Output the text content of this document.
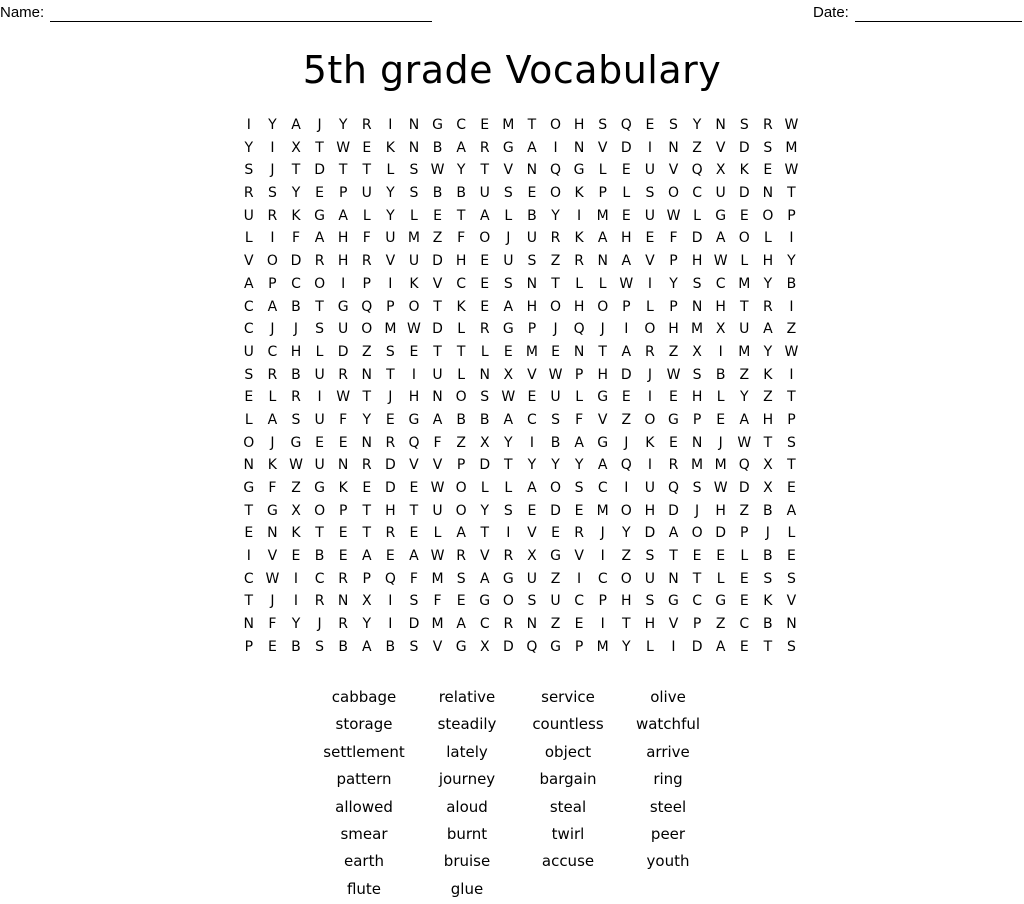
Name:	Date:
5th grade Vocabulary
I	Y	A	J	Y	R	I	N G C	E M T O H S Q E	S	Y	N S	R W
Y	I	X	T W E	K N B	A R G A	I	N V D	I	N Z	V D S M
S	J	T D T	T	L	S W Y	T	V N Q G	L	E	U V Q X	K	E W
R	S	Y	E	P	U	Y	S	B B U	S	E O K	P	L	S O C U D N	T
U R	K G A	L	Y	L	E	T	A	L	B	Y	I	M E	U W L	G E O P
L	I	F	A H	F	U M Z	F	O	J	U R	K	A H E	F	D A O	L	I
V O D R H R V U D H E	U	S	Z R N A	V	P	H W L	H	Y
A	P	C O	I	P	I	K	V C	E	S N	T	L	L W	I	Y	S	C M Y	B
C A	B	T G Q P O T	K	E	A H O H O P	L	P	N H	T	R	I
C	J	J	S	U O M W D	L	R G P	J	Q	J	I	O H M X U A	Z
U C H	L	D Z	S	E	T	T	L	E M E N	T	A R Z	X	I	M Y W
S	R B U R N	T	I	U	L	N X	V W P	H D	J	W S	B	Z	K	I
E	L	R	I	W T	J	H N O S W E	U	L	G E	I	E H	L	Y	Z	T
L	A	S	U	F	Y	E G A	B B	A C	S	F	V	Z O G P	E	A H	P
O	J	G E	E N R Q	F	Z	X	Y	I	B	A G	J	K	E N	J	W T	S
N K W U N R D V	V	P D T	Y	Y	Y	A Q	I	R M M Q X	T
G	F	Z G K	E D E W O	L	L	A O S	C	I	U Q S W D X	E
T G X O P	T	H	T	U O Y	S	E D E M O H D	J	H Z B	A
E N K	T	E	T	R	E	L	A	T	I	V	E	R	J	Y D A O D P	J	L
I	V	E	B	E	A	E	A W R V R X G V	I	Z	S	T	E	E	L	B	E
C W	I	C R	P Q	F M S	A G U Z	I	C O U N	T	L	E	S	S
T	J	I	R N X	I	S	F	E G O S	U C	P	H S G C G E	K	V
N	F	Y	J	R	Y	I	D M A C R N Z	E	I	T	H V	P	Z C B N
P	E	B	S	B	A	B	S	V G X D Q G P M Y	L	I	D A	E	T	S
cabbage	relative	service	olive
storage	steadily	countless	watchful
settlement	lately	object	arrive
pattern	journey	bargain	ring
allowed	aloud	steal	steel
smear	burnt	twirl	peer
earth	bruise	accuse	youth
flute	glue
